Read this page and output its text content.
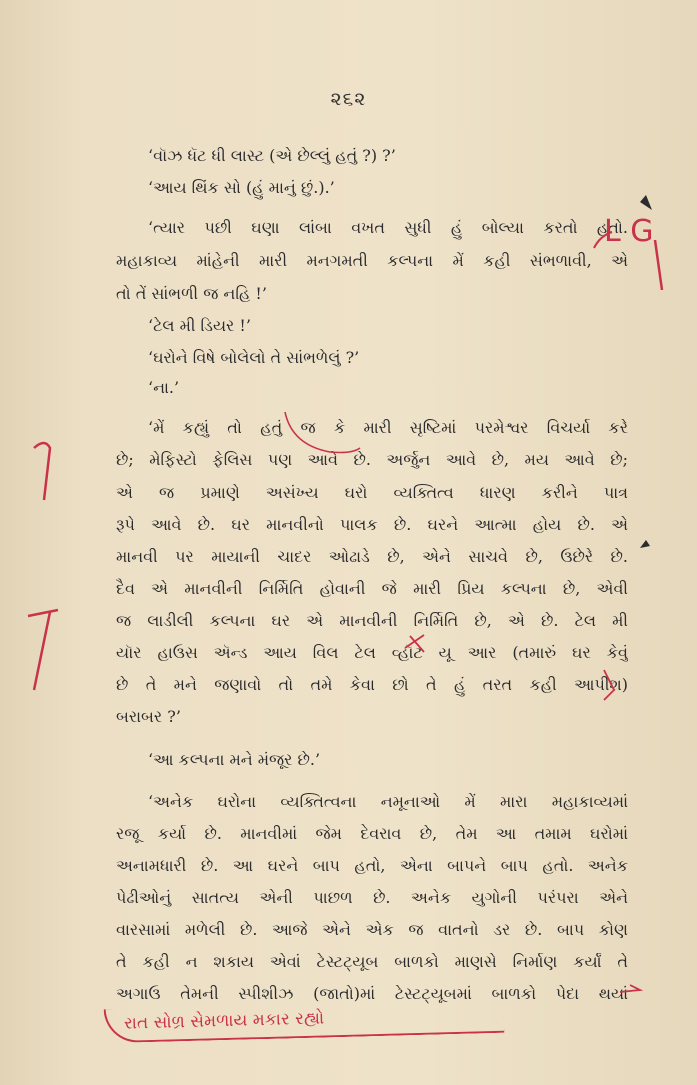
૨૬૨
‘વૉઝ ધૅટ ધી લાસ્ટ (એ છેલ્લું હતું ?) ?’
‘આય થિંક સો (હું માનું છું.).’
‘ત્યાર પછી ઘણા લાંબા વખત સુધી હું બોલ્યા કરતો હતો.
મહાકાવ્ય માંહેની મારી મનગમતી કલ્પના મેં કહી સંભળાવી, એ
તો તેં સાંભળી જ નહિ !’
‘ટેલ મી ડિયર !’
‘ઘરોને વિષે બોલેલો તે સાંભળેલું ?’
‘ના.’
‘મેં કહ્યું તો હતું જ કે મારી સૃષ્ટિમાં પરમેશ્વર વિચર્યા કરે
છે; મેફિસ્ટો ફેલિસ પણ આવે છે. અર્જુન આવે છે, મય આવે છે;
એ જ પ્રમાણે અસંખ્ય ઘરો વ્યક્તિત્વ ધારણ કરીને પાત્ર
રૂપે આવે છે. ઘર માનવીનો પાલક છે. ઘરને આત્મા હોય છે. એ
માનવી પર માયાની ચાદર ઓઢાડે છે, એને સાચવે છે, ઉછેરે છે.
દૈવ એ માનવીની નિર્મિતિ હોવાની જે મારી પ્રિય કલ્પના છે, એવી
જ લાડીલી કલ્પના ઘર એ માનવીની નિર્મિતિ છે, એ છે. ટેલ મી
યૉર હાઉસ ઍન્ડ આય વિલ ટેલ વ્હૉટ યૂ આર (તમારું ઘર કેવું
છે તે મને જણાવો તો તમે કેવા છો તે હું તરત કહી આપીશ)
બરાબર ?’
‘આ કલ્પના મને મંજૂર છે.’
‘અનેક ઘરોના વ્યક્તિત્વના નમૂનાઓ મેં મારા મહાકાવ્યમાં
રજૂ કર્યા છે. માનવીમાં જેમ દેવરાવ છે, તેમ આ તમામ ઘરોમાં
અનામધારી છે. આ ઘરને બાપ હતો, એના બાપને બાપ હતો. અનેક
પેઢીઓનું સાતત્ય એની પાછળ છે. અનેક યુગોની પરંપરા એને
વારસામાં મળેલી છે. આજે એને એક જ વાતનો ડર છે. બાપ કોણ
તે કહી ન શકાય એવાં ટેસ્ટટ્યૂબ બાળકો માણસે નિર્માણ કર્યાં તે
અગાઉ તેમની સ્પીશીઝ (જાતો)માં ટેસ્ટટ્યૂબમાં બાળકો પેદા થયાં
L G
રાત સોળ્ર સેમળાય મકાર રહ્યો
